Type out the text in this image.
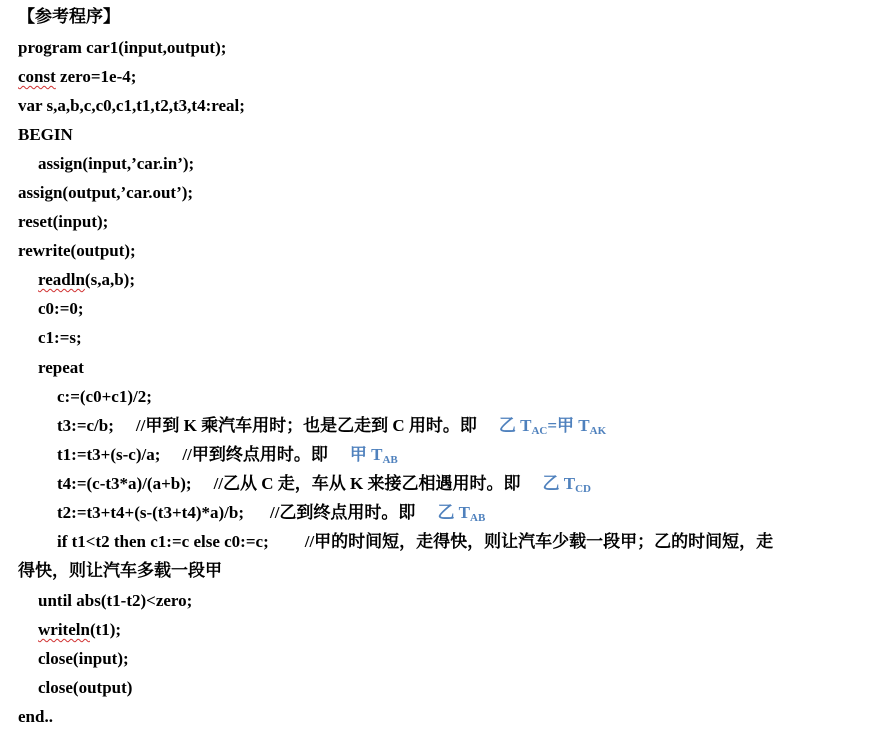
【参考程序】
program car1(input,output);
const zero=1e-4;
var s,a,b,c,c0,c1,t1,t2,t3,t4:real;
BEGIN
assign(input,’car.in’);
assign(output,’car.out’);
reset(input);
rewrite(output);
readln(s,a,b);
c0:=0;
c1:=s;
repeat
c:=(c0+c1)/2;
t3:=c/b; //甲到 K 乘汽车用时；也是乙走到 C 用时。即 乙 $T_{AC}=$甲 $T_{AK}$
t1:=t3+(s-c)/a; //甲到终点用时。即 甲 $T_{AB}$
t4:=(c-t3*a)/(a+b); //乙从 C 走，车从 K 来接乙相遇用时。即 乙 $T_{CD}$
t2:=t3+t4+(s-(t3+t4)*a)/b; //乙到终点用时。即 乙 $T_{AB}$
if t1<t2 then c1:=c else c0:=c; //甲的时间短，走得快，则让汽车少载一段甲；乙的时间短，走
得快，则让汽车多载一段甲
until abs(t1-t2)<zero;
writeln(t1);
close(input);
close(output)
end..
